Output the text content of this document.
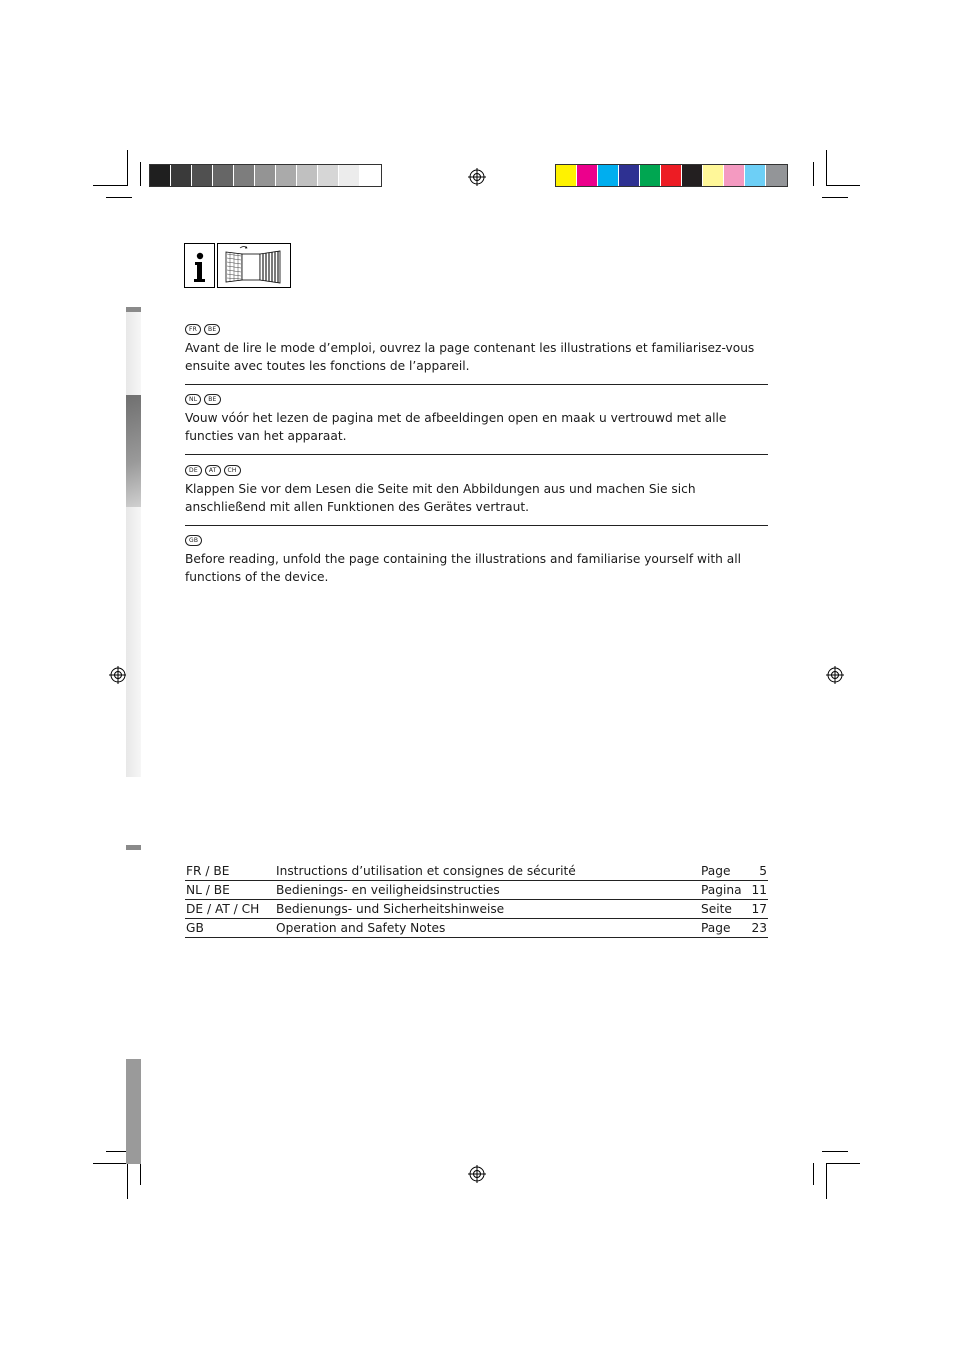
FR	BE

Avant de lire le mode d’emploi, ouvrez la page contenant les illustrations et familiarisez-vous ensuite avec toutes les fonctions de l’appareil.

NL	BE

Vouw vóór het lezen de pagina met de afbeeldingen open en maak u vertrouwd met alle functies van het apparaat.

DE	AT	CH

Klappen Sie vor dem Lesen die Seite mit den Abbildungen aus und machen Sie sich anschließend mit allen Funktionen des Gerätes vertraut.

GB

Before reading, unfold the page containing the illustrations and familiarise yourself with all functions of the device.

FR / BE	Instructions d’utilisation et consignes de sécurité	Page 5
NL / BE	Bedienings- en veiligheidsinstructies	Pagina 11
DE / AT / CH Bedienungs- und Sicherheitshinweise	Seite 17
GB	Operation and Safety Notes	Page 23
